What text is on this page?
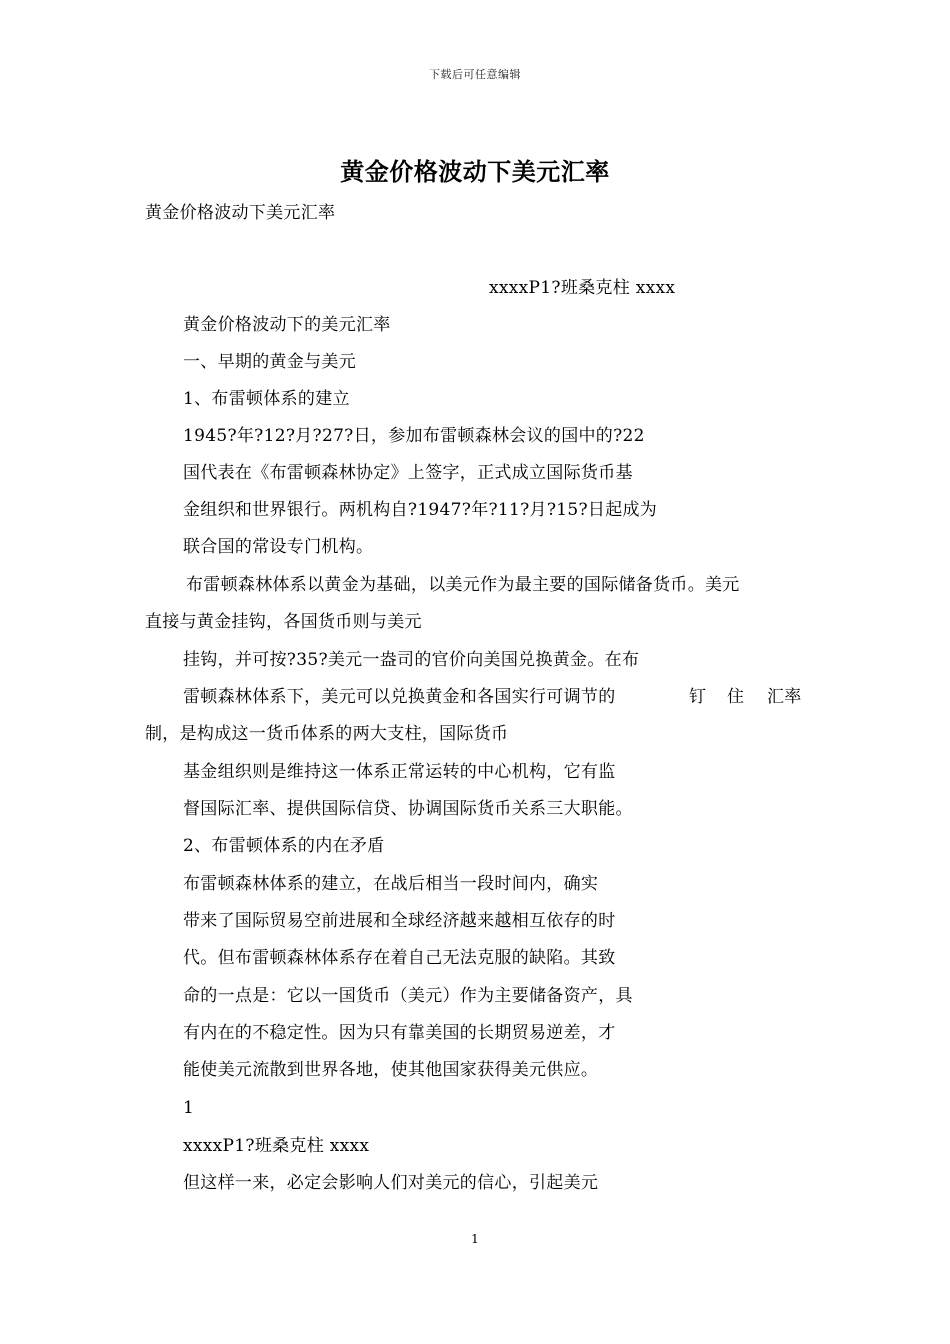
下载后可任意编辑
黄金价格波动下美元汇率
黄金价格波动下美元汇率
xxxxP1?班桑克柱 xxxx
黄金价格波动下的美元汇率
一、早期的黄金与美元
1、布雷顿体系的建立
1945?年?12?月?27?日，参加布雷顿森林会议的国中的?22
国代表在《布雷顿森林协定》上签字，正式成立国际货币基
金组织和世界银行。两机构自?1947?年?11?月?15?日起成为
联合国的常设专门机构。
布雷顿森林体系以黄金为基础，以美元作为最主要的国际储备货币。美元
直接与黄金挂钩，各国货币则与美元
挂钩，并可按?35?美元一盎司的官价向美国兑换黄金。在布
雷顿森林体系下，美元可以兑换黄金和各国实行可调节的	钉 住 汇率
制，是构成这一货币体系的两大支柱，国际货币
基金组织则是维持这一体系正常运转的中心机构，它有监
督国际汇率、提供国际信贷、协调国际货币关系三大职能。
2、布雷顿体系的内在矛盾
布雷顿森林体系的建立，在战后相当一段时间内，确实
带来了国际贸易空前进展和全球经济越来越相互依存的时
代。但布雷顿森林体系存在着自己无法克服的缺陷。其致
命的一点是：它以一国货币（美元）作为主要储备资产，具
有内在的不稳定性。因为只有靠美国的长期贸易逆差，才
能使美元流散到世界各地，使其他国家获得美元供应。
1
xxxxP1?班桑克柱 xxxx
但这样一来，必定会影响人们对美元的信心，引起美元
1
